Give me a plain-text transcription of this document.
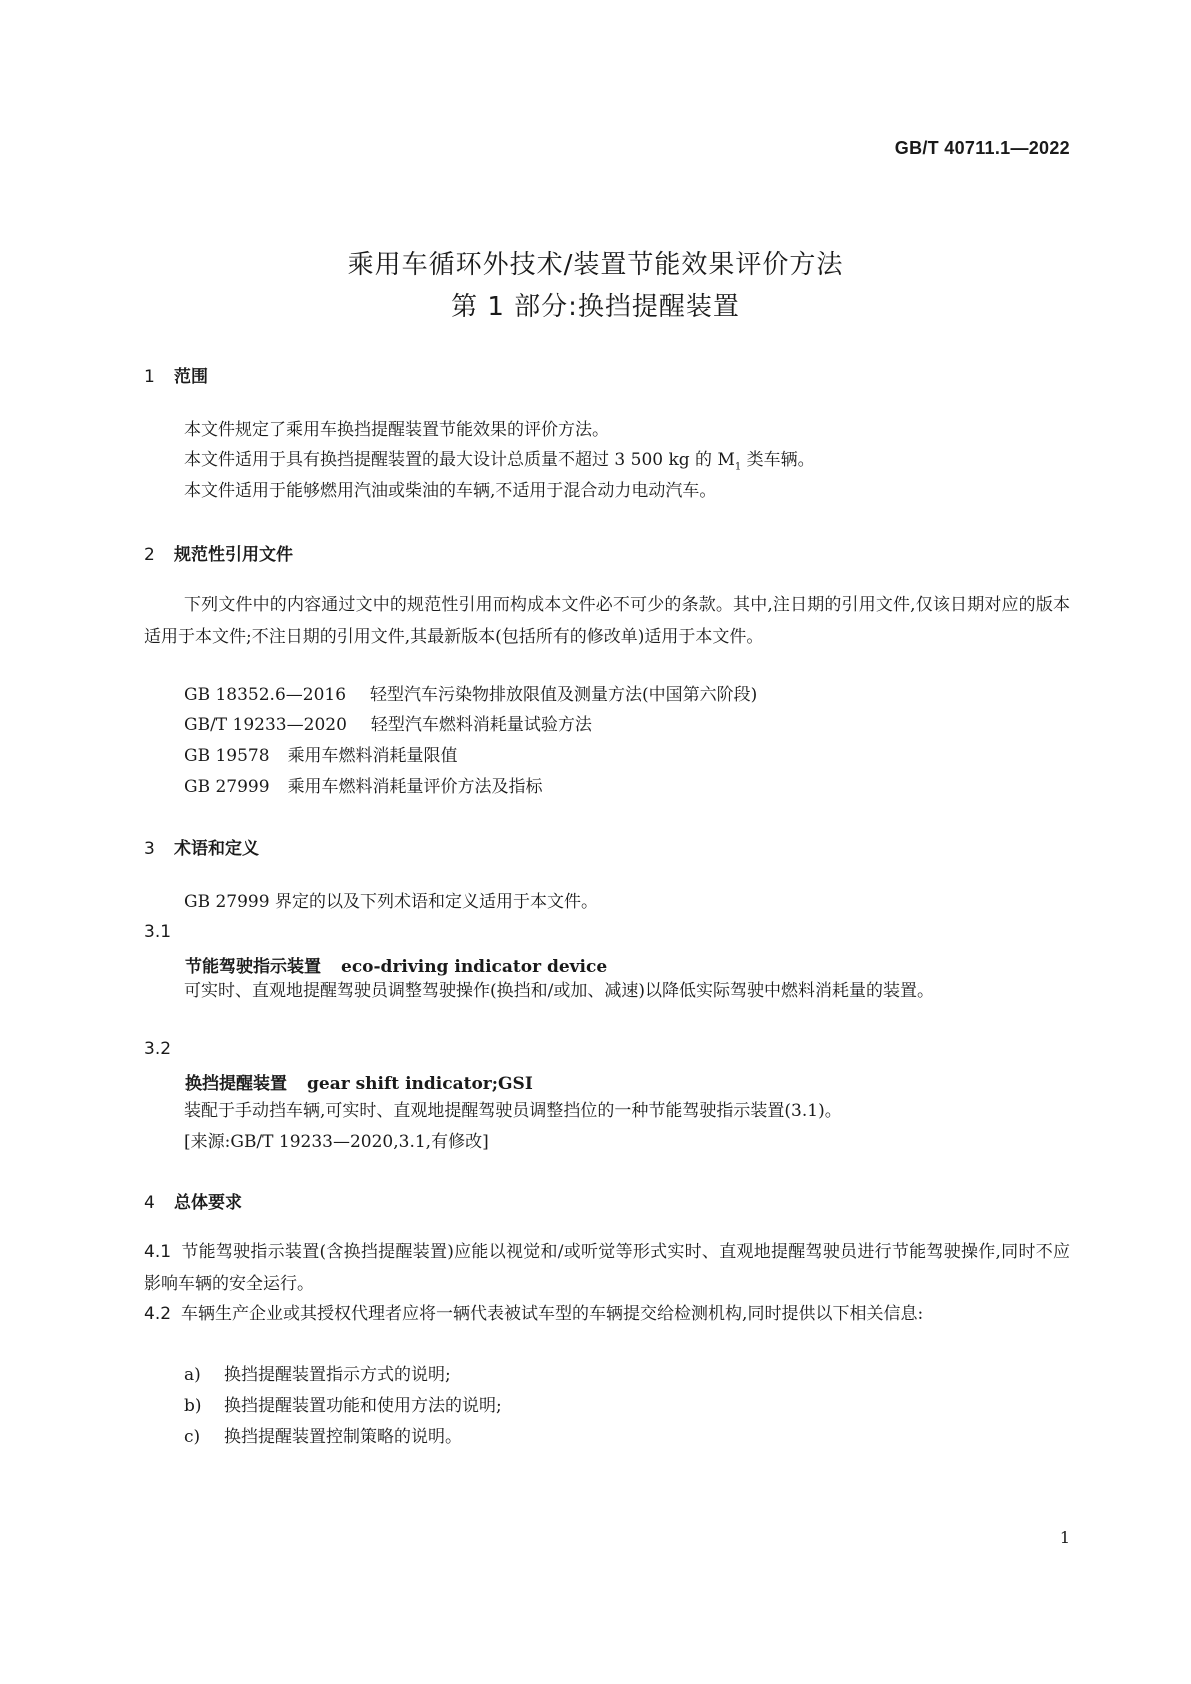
GB/T 40711.1—2022
乘用车循环外技术/装置节能效果评价方法
第 1 部分:换挡提醒装置
1 范围
本文件规定了乘用车换挡提醒装置节能效果的评价方法。
本文件适用于具有换挡提醒装置的最大设计总质量不超过 3 500 kg 的 $M_1$ 类车辆。
本文件适用于能够燃用汽油或柴油的车辆,不适用于混合动力电动汽车。
2 规范性引用文件
下列文件中的内容通过文中的规范性引用而构成本文件必不可少的条款。其中,注日期的引用文件,仅该日期对应的版本适用于本文件;不注日期的引用文件,其最新版本(包括所有的修改单)适用于本文件。
GB 18352.6—2016 轻型汽车污染物排放限值及测量方法(中国第六阶段)
GB/T 19233—2020 轻型汽车燃料消耗量试验方法
GB 19578 乘用车燃料消耗量限值
GB 27999 乘用车燃料消耗量评价方法及指标
3 术语和定义
GB 27999 界定的以及下列术语和定义适用于本文件。
3.1
节能驾驶指示装置 eco-driving indicator device
可实时、直观地提醒驾驶员调整驾驶操作(换挡和/或加、减速)以降低实际驾驶中燃料消耗量的装置。
3.2
换挡提醒装置 gear shift indicator;GSI
装配于手动挡车辆,可实时、直观地提醒驾驶员调整挡位的一种节能驾驶指示装置(3.1)。
[来源:GB/T 19233—2020,3.1,有修改]
4 总体要求
4.1 节能驾驶指示装置(含换挡提醒装置)应能以视觉和/或听觉等形式实时、直观地提醒驾驶员进行节能驾驶操作,同时不应影响车辆的安全运行。
4.2 车辆生产企业或其授权代理者应将一辆代表被试车型的车辆提交给检测机构,同时提供以下相关信息:
a) 换挡提醒装置指示方式的说明;
b) 换挡提醒装置功能和使用方法的说明;
c) 换挡提醒装置控制策略的说明。
1
